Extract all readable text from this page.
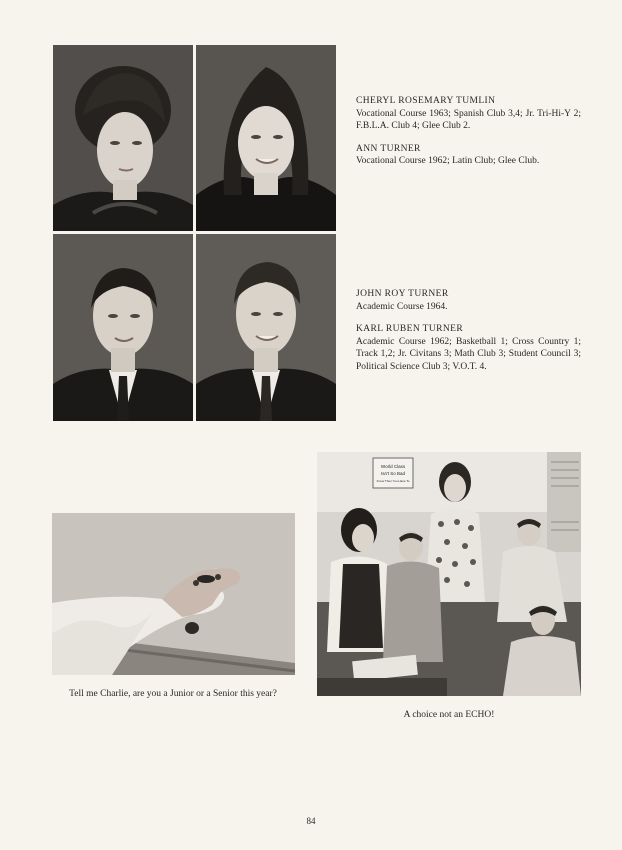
CHERYL ROSEMARY TUMLIN
Vocational Course 1963; Spanish Club 3,4; Jr. Tri-Hi-Y 2; F.B.L.A. Club 4; Glee Club 2.
ANN TURNER
Vocational Course 1962; Latin Club; Glee Club.
JOHN ROY TURNER
Academic Course 1964.
KARL RUBEN TURNER
Academic Course 1962; Basketball 1; Cross Country 1; Track 1,2; Jr. Civitans 3; Math Club 3; Student Council 3; Political Science Club 3; V.O.T. 4.
World Class
Isn't So Bad
Know Then You Have To
Tell me Charlie, are you a Junior or a Senior this year?
A choice not an ECHO!
84
